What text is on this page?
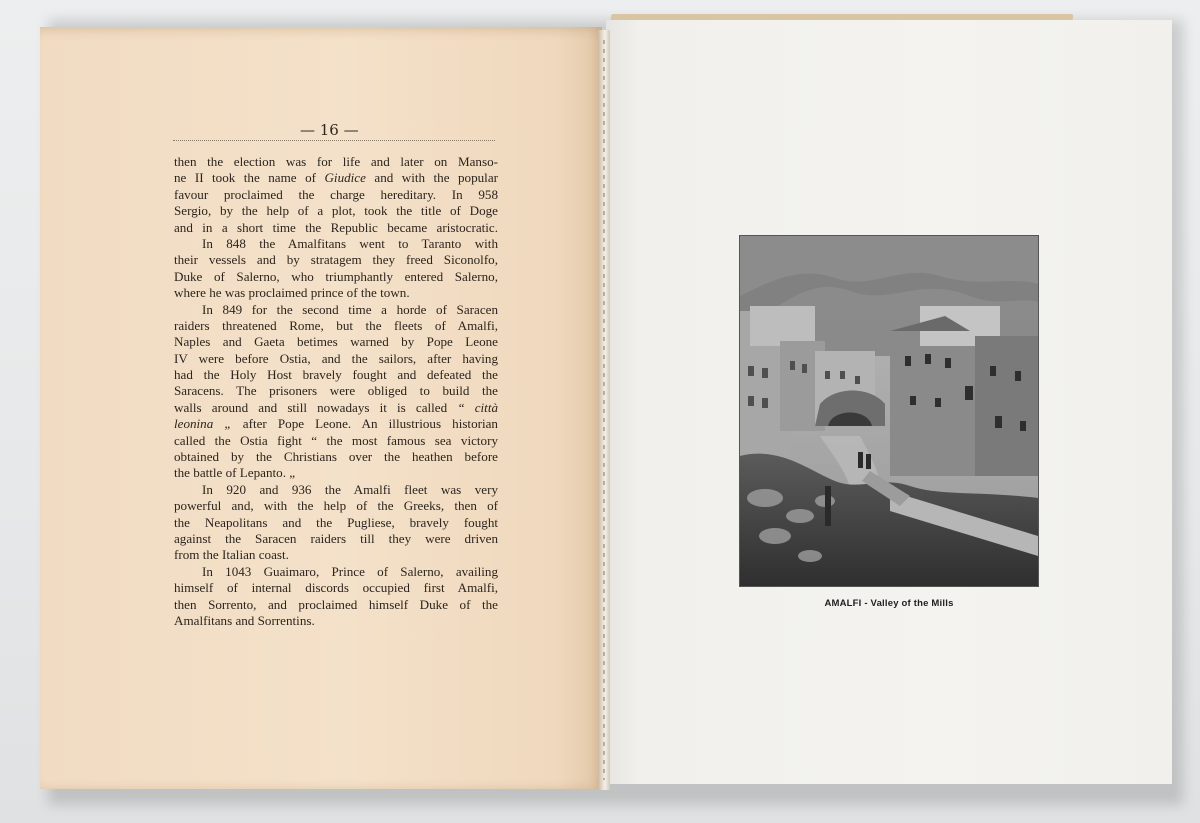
— 16 —
then the election was for life and later on Manso-
ne II took the name of Giudice and with the popular
favour proclaimed the charge hereditary. In 958
Sergio, by the help of a plot, took the title of Doge
and in a short time the Republic became aristocratic.
In 848 the Amalfitans went to Taranto with
their vessels and by stratagem they freed Siconolfo,
Duke of Salerno, who triumphantly entered Salerno,
where he was proclaimed prince of the town.
In 849 for the second time a horde of Saracen
raiders threatened Rome, but the fleets of Amalfi,
Naples and Gaeta betimes warned by Pope Leone
IV were before Ostia, and the sailors, after having
had the Holy Host bravely fought and defeated the
Saracens. The prisoners were obliged to build the
walls around and still nowadays it is called “ città
leonina „ after Pope Leone. An illustrious historian
called the Ostia fight “ the most famous sea victory
obtained by the Christians over the heathen before
the battle of Lepanto. „
In 920 and 936 the Amalfi fleet was very
powerful and, with the help of the Greeks, then of
the Neapolitans and the Pugliese, bravely fought
against the Saracen raiders till they were driven
from the Italian coast.
In 1043 Guaimaro, Prince of Salerno, availing
himself of internal discords occupied first Amalfi,
then Sorrento, and proclaimed himself Duke of the
Amalfitans and Sorrentins.
AMALFI - Valley of the Mills
